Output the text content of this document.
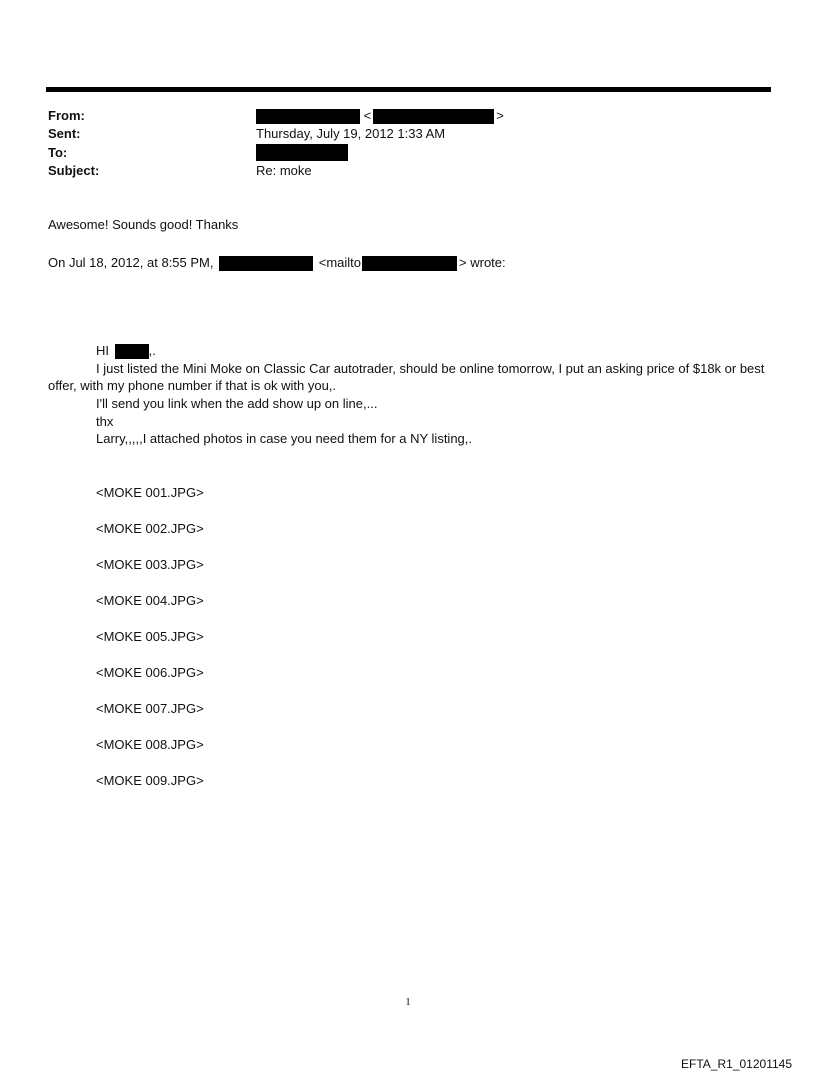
From:	<	>
Sent:	Thursday, July 19, 2012 1:33 AM
To:
Subject:	Re: moke
Awesome! Sounds good! Thanks
On Jul 18, 2012, at 8:55 PM,	<mailto	> wrote:
HI	,.
I just listed the Mini Moke on Classic Car autotrader, should be online tomorrow, I put an asking price of $18k or best offer, with my phone number if that is ok with you,.
I'll send you link when the add show up on line,...
thx
Larry,,,,,I attached photos in case you need them for a NY listing,.
<MOKE 001.JPG>
<MOKE 002.JPG>
<MOKE 003.JPG>
<MOKE 004.JPG>
<MOKE 005.JPG>
<MOKE 006.JPG>
<MOKE 007.JPG>
<MOKE 008.JPG>
<MOKE 009.JPG>
1
EFTA_R1_01201145
